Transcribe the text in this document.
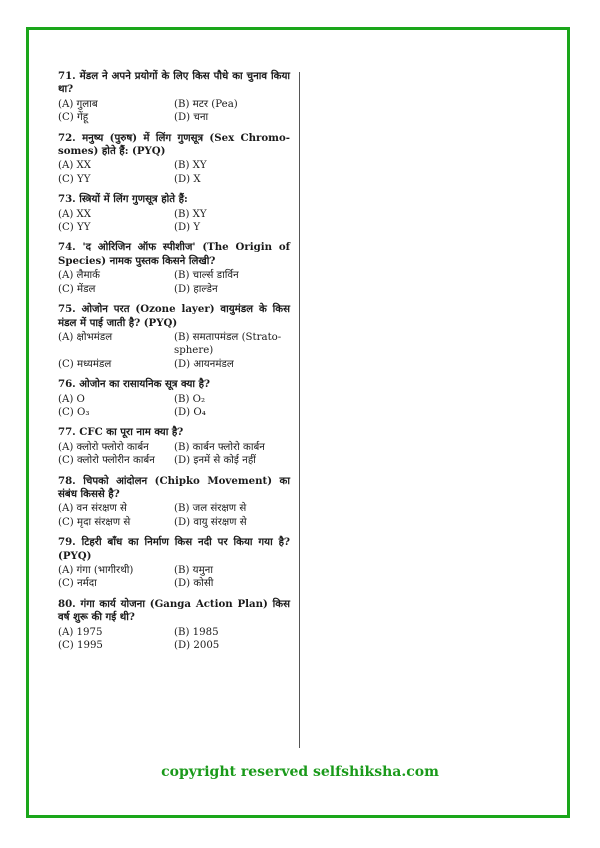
71. मेंडल ने अपने प्रयोगों के लिए किस पौधे का चुनाव किया था?
(A) गुलाब	(B) मटर (Pea)
(C) गेंहू	(D) चना
72. मनुष्य (पुरुष) में लिंग गुणसूत्र (Sex Chromo-somes) होते हैं: (PYQ)
(A) XX	(B) XY
(C) YY	(D) X
73. स्त्रियों में लिंग गुणसूत्र होते हैं:
(A) XX	(B) XY
(C) YY	(D) Y
74. 'द ओरिजिन ऑफ स्पीशीज' (The Origin of Species) नामक पुस्तक किसने लिखी?
(A) लैमार्क	(B) चार्ल्स डार्विन
(C) मेंडल	(D) हाल्डेन
75. ओजोन परत (Ozone layer) वायुमंडल के किस मंडल में पाई जाती है? (PYQ)
(A) क्षोभमंडल	(B) समतापमंडल (Strato-sphere)
(C) मध्यमंडल	(D) आयनमंडल
76. ओजोन का रासायनिक सूत्र क्या है?
(A) O	(B) O₂
(C) O₃	(D) O₄
77. CFC का पूरा नाम क्या है?
(A) क्लोरो फ्लोरो कार्बन	(B) कार्बन फ्लोरो कार्बन
(C) क्लोरो फ्लोरीन कार्बन	(D) इनमें से कोई नहीं
78. चिपको आंदोलन (Chipko Movement) का संबंध किससे है?
(A) वन संरक्षण से	(B) जल संरक्षण से
(C) मृदा संरक्षण से	(D) वायु संरक्षण से
79. टिहरी बाँध का निर्माण किस नदी पर किया गया है? (PYQ)
(A) गंगा (भागीरथी)	(B) यमुना
(C) नर्मदा	(D) कोसी
80. गंगा कार्य योजना (Ganga Action Plan) किस वर्ष शुरू की गई थी?
(A) 1975	(B) 1985
(C) 1995	(D) 2005
copyright reserved selfshiksha.com
